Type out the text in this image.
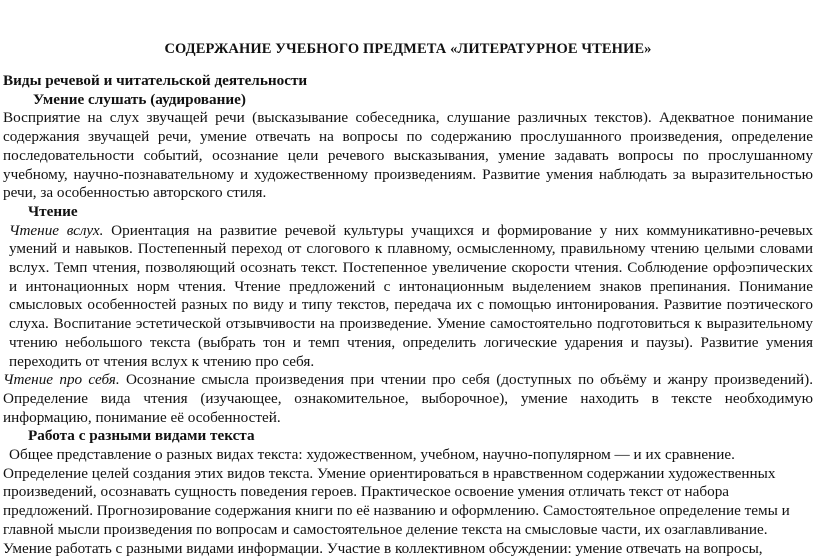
СОДЕРЖАНИЕ УЧЕБНОГО ПРЕДМЕТА «ЛИТЕРАТУРНОЕ ЧТЕНИЕ»

Виды речевой и читательской деятельности

Умение слушать (аудирование)

Восприятие на слух звучащей речи (высказывание собеседника, слушание различных текстов). Адекватное понимание содержания звучащей речи, умение отвечать на вопросы по содержанию прослушанного произведения, определение последовательности событий, осознание цели речевого высказывания, умение задавать вопросы по прослушанному учебному, научно-познавательному и художественному произведениям. Развитие умения наблюдать за выразительностью речи, за особенностью авторского стиля.

Чтение

Чтение вслух. Ориентация на развитие речевой культуры учащихся и формирование у них коммуникативно-речевых умений и навыков. Постепенный переход от слогового к плавному, осмысленному, правильному чтению целыми словами вслух. Темп чтения, позволяющий осознать текст. Постепенное увеличение скорости чтения. Соблюдение орфоэпических и интонационных норм чтения. Чтение предложений с интонационным выделением знаков препинания. Понимание смысловых особенностей разных по виду и типу текстов, передача их с помощью интонирования. Развитие поэтического слуха. Воспитание эстетической отзывчивости на произведение. Умение самостоятельно подготовиться к выразительному чтению небольшого текста (выбрать тон и темп чтения, определить логические ударения и паузы). Развитие умения переходить от чтения вслух к чтению про себя.

Чтение про себя. Осознание смысла произведения при чтении про себя (доступных по объёму и жанру произведений). Определение вида чтения (изучающее, ознакомительное, выборочное), умение находить в тексте необходимую информацию, понимание её особенностей.

Работа с разными видами текста

Общее представление о разных видах текста: художественном, учебном, научно-популярном — и их сравнение.

Определение целей создания этих видов текста. Умение ориентироваться в нравственном содержании художественных

произведений, осознавать сущность поведения героев. Практическое освоение умения отличать текст от набора

предложений. Прогнозирование содержания книги по её названию и оформлению. Самостоятельное определение темы и

главной мысли произведения по вопросам и самостоятельное деление текста на смысловые части, их озаглавливание.

Умение работать с разными видами информации. Участие в коллективном обсуждении: умение отвечать на вопросы,
